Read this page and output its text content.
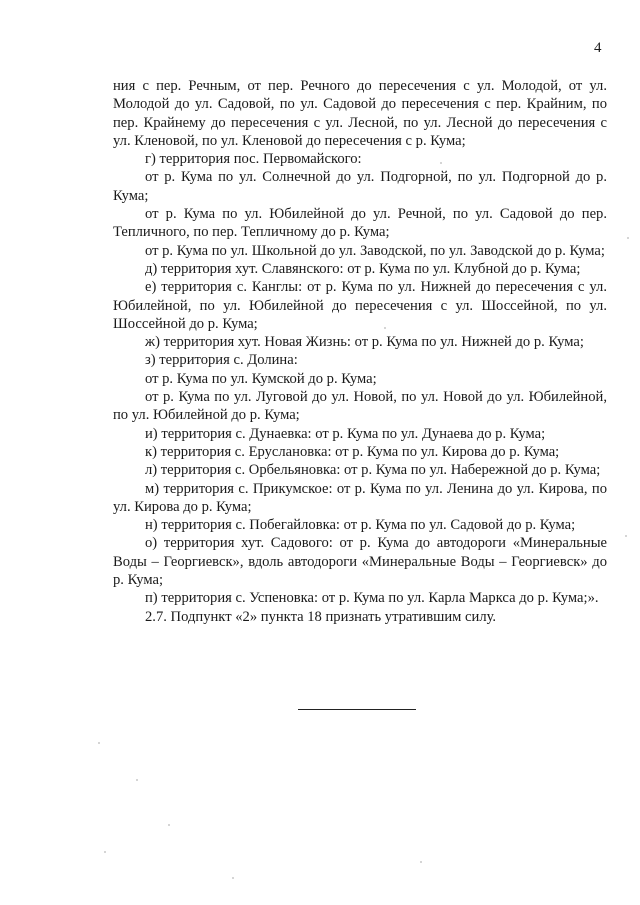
4

ния с пер. Речным, от пер. Речного до пересечения с ул. Молодой, от ул. Молодой до ул. Садовой, по ул. Садовой до пересечения с пер. Крайним, по пер. Крайнему до пересечения с ул. Лесной, по ул. Лесной до пересечения с ул. Кленовой, по ул. Кленовой до пересечения с р. Кума;

г) территория пос. Первомайского:

от р. Кума по ул. Солнечной до ул. Подгорной, по ул. Подгорной до р. Кума;

от р. Кума по ул. Юбилейной до ул. Речной, по ул. Садовой до пер. Тепличного, по пер. Тепличному до р. Кума;

от р. Кума по ул. Школьной до ул. Заводской, по ул. Заводской до р. Кума;

д) территория хут. Славянского: от р. Кума по ул. Клубной до р. Кума;

е) территория с. Канглы: от р. Кума по ул. Нижней до пересечения с ул. Юбилейной, по ул. Юбилейной до пересечения с ул. Шоссейной, по ул. Шоссейной до р. Кума;

ж) территория хут. Новая Жизнь: от р. Кума по ул. Нижней до р. Кума;

з) территория с. Долина:

от р. Кума по ул. Кумской до р. Кума;

от р. Кума по ул. Луговой до ул. Новой, по ул. Новой до ул. Юбилейной, по ул. Юбилейной до р. Кума;

и) территория с. Дунаевка: от р. Кума по ул. Дунаева до р. Кума;

к) территория с. Еруслановка: от р. Кума по ул. Кирова до р. Кума;

л) территория с. Орбельяновка: от р. Кума по ул. Набережной до р. Кума;

м) территория с. Прикумское: от р. Кума по ул. Ленина до ул. Кирова, по ул. Кирова до р. Кума;

н) территория с. Побегайловка: от р. Кума по ул. Садовой до р. Кума;

о) территория хут. Садового: от р. Кума до автодороги «Минеральные Воды – Георгиевск», вдоль автодороги «Минеральные Воды – Георгиевск» до р. Кума;

п) территория с. Успеновка: от р. Кума по ул. Карла Маркса до р. Кума;».

2.7. Подпункт «2» пункта 18 признать утратившим силу.
